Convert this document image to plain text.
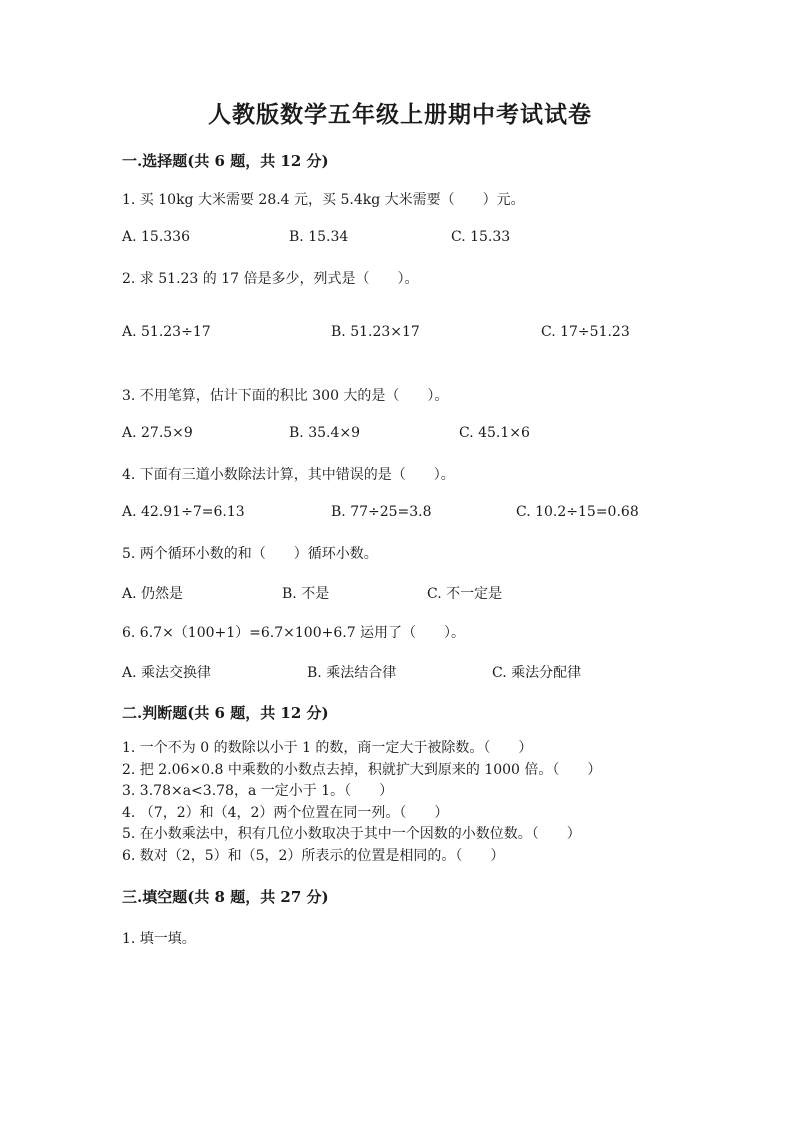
人教版数学五年级上册期中考试试卷
一.选择题(共 6 题，共 12 分)
1. 买 10kg 大米需要 28.4 元，买 5.4kg 大米需要（　　）元。
A. 15.336	B. 15.34	C. 15.33
2. 求 51.23 的 17 倍是多少，列式是（　　）。
A. 51.23÷17	B. 51.23×17	C. 17÷51.23
3. 不用笔算，估计下面的积比 300 大的是（　　）。
A. 27.5×9	B. 35.4×9	C. 45.1×6
4. 下面有三道小数除法计算，其中错误的是（　　）。
A. 42.91÷7=6.13	B. 77÷25=3.8	C. 10.2÷15=0.68
5. 两个循环小数的和（　　）循环小数。
A. 仍然是	B. 不是	C. 不一定是
6. 6.7×（100+1）=6.7×100+6.7 运用了（　　）。
A. 乘法交换律	B. 乘法结合律	C. 乘法分配律
二.判断题(共 6 题，共 12 分)
1. 一个不为 0 的数除以小于 1 的数，商一定大于被除数。（　　）
2. 把 2.06×0.8 中乘数的小数点去掉，积就扩大到原来的 1000 倍。（　　）
3. 3.78×a<3.78，a 一定小于 1。（　　）
4. （7，2）和（4，2）两个位置在同一列。（　　）
5. 在小数乘法中，积有几位小数取决于其中一个因数的小数位数。（　　）
6. 数对（2，5）和（5，2）所表示的位置是相同的。（　　）
三.填空题(共 8 题，共 27 分)
1. 填一填。
